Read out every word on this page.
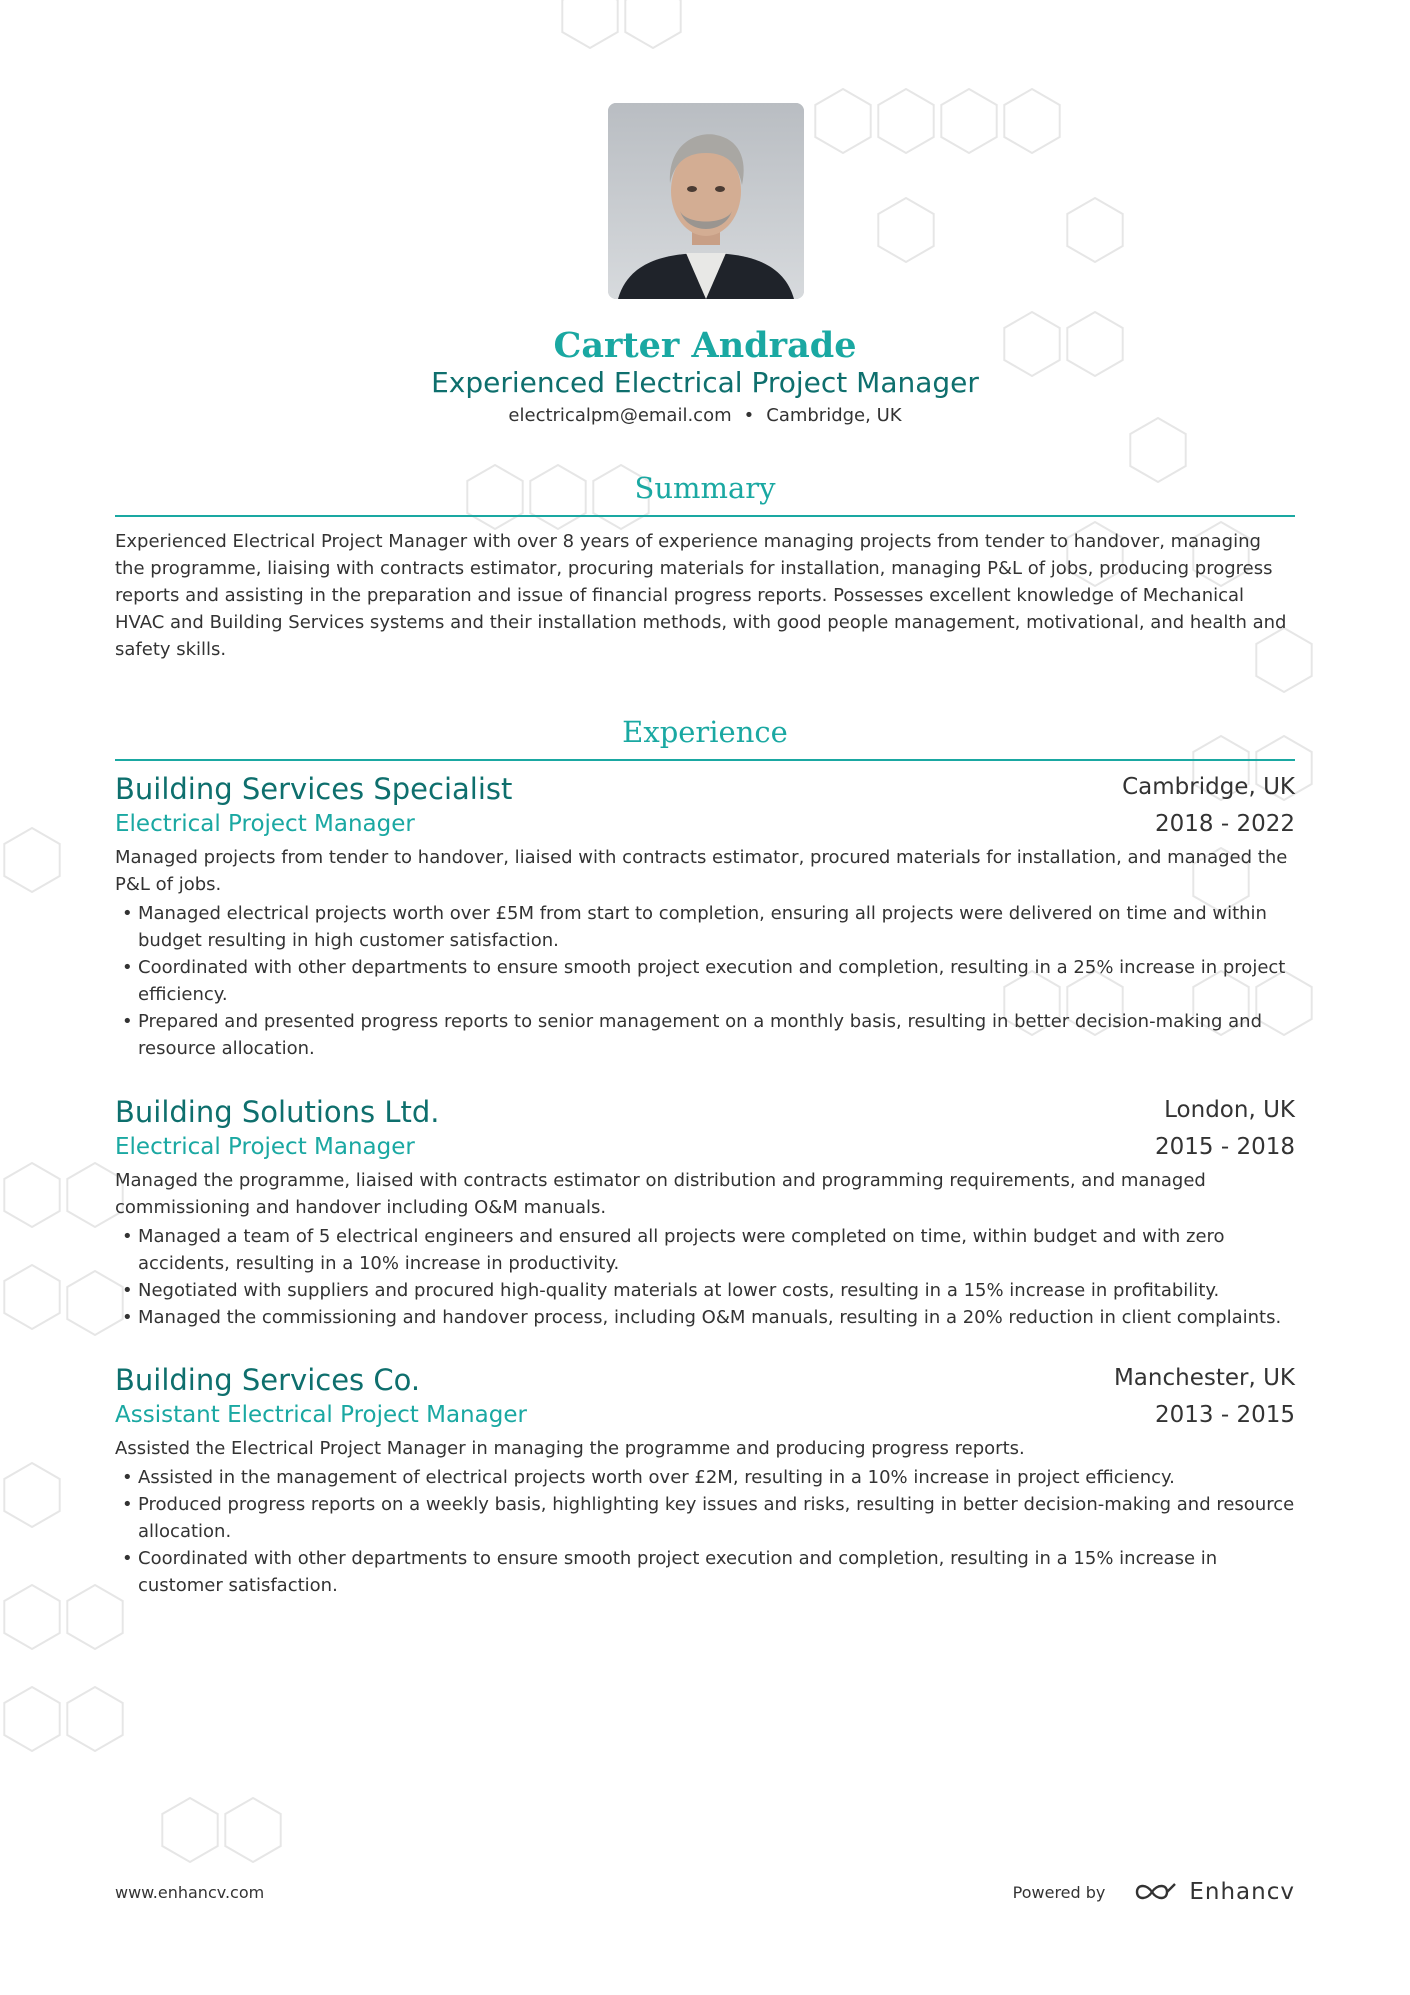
Carter Andrade
Experienced Electrical Project Manager
electricalpm@email.com • Cambridge, UK
Summary
Experienced Electrical Project Manager with over 8 years of experience managing projects from tender to handover, managing the programme, liaising with contracts estimator, procuring materials for installation, managing P&L of jobs, producing progress reports and assisting in the preparation and issue of financial progress reports. Possesses excellent knowledge of Mechanical HVAC and Building Services systems and their installation methods, with good people management, motivational, and health and safety skills.
Experience
Building Services Specialist
Electrical Project Manager
Cambridge, UK
2018 - 2022
Managed projects from tender to handover, liaised with contracts estimator, procured materials for installation, and managed the P&L of jobs.
• Managed electrical projects worth over £5M from start to completion, ensuring all projects were delivered on time and within budget resulting in high customer satisfaction.
• Coordinated with other departments to ensure smooth project execution and completion, resulting in a 25% increase in project efficiency.
• Prepared and presented progress reports to senior management on a monthly basis, resulting in better decision-making and resource allocation.
Building Solutions Ltd.
Electrical Project Manager
London, UK
2015 - 2018
Managed the programme, liaised with contracts estimator on distribution and programming requirements, and managed commissioning and handover including O&M manuals.
• Managed a team of 5 electrical engineers and ensured all projects were completed on time, within budget and with zero accidents, resulting in a 10% increase in productivity.
• Negotiated with suppliers and procured high-quality materials at lower costs, resulting in a 15% increase in profitability.
• Managed the commissioning and handover process, including O&M manuals, resulting in a 20% reduction in client complaints.
Building Services Co.
Assistant Electrical Project Manager
Manchester, UK
2013 - 2015
Assisted the Electrical Project Manager in managing the programme and producing progress reports.
• Assisted in the management of electrical projects worth over £2M, resulting in a 10% increase in project efficiency.
• Produced progress reports on a weekly basis, highlighting key issues and risks, resulting in better decision-making and resource allocation.
• Coordinated with other departments to ensure smooth project execution and completion, resulting in a 15% increase in customer satisfaction.
www.enhancv.com	Powered by	Enhancv
